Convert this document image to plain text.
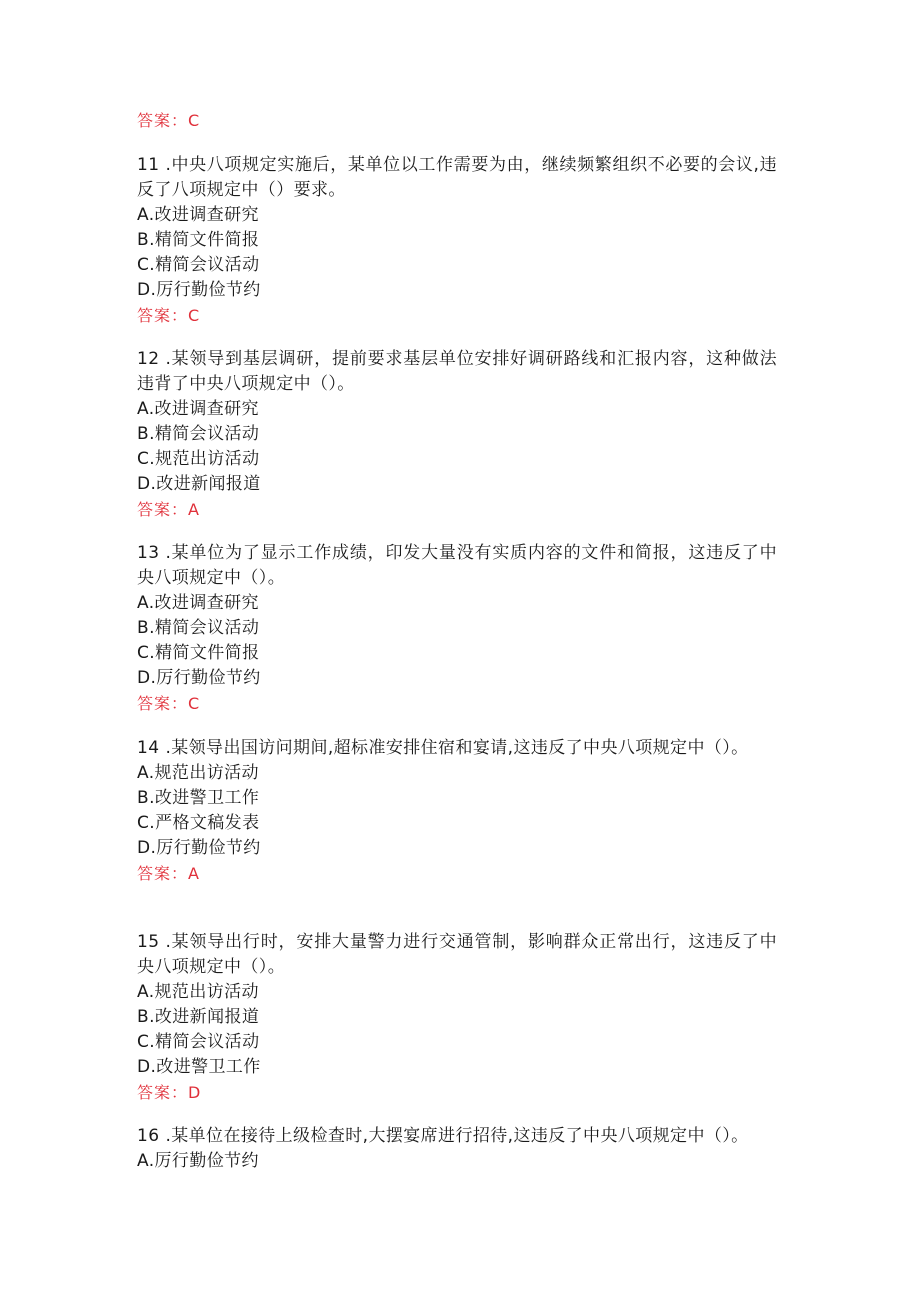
答案：C

11 .中央八项规定实施后，某单位以工作需要为由，继续频繁组织不必要的会议,违反了八项规定中（）要求。

A.改进调查研究

B.精简文件简报

C.精简会议活动

D.厉行勤俭节约

答案：C

12 .某领导到基层调研，提前要求基层单位安排好调研路线和汇报内容，这种做法违背了中央八项规定中（）。

A.改进调查研究

B.精简会议活动

C.规范出访活动

D.改进新闻报道

答案：A

13 .某单位为了显示工作成绩，印发大量没有实质内容的文件和简报，这违反了中央八项规定中（）。

A.改进调查研究

B.精简会议活动

C.精简文件简报

D.厉行勤俭节约

答案：C

14 .某领导出国访问期间,超标准安排住宿和宴请,这违反了中央八项规定中（）。

A.规范出访活动

B.改进警卫工作

C.严格文稿发表

D.厉行勤俭节约

答案：A

15 .某领导出行时，安排大量警力进行交通管制，影响群众正常出行，这违反了中央八项规定中（）。

A.规范出访活动

B.改进新闻报道

C.精简会议活动

D.改进警卫工作

答案：D

16 .某单位在接待上级检查时,大摆宴席进行招待,这违反了中央八项规定中（）。

A.厉行勤俭节约
